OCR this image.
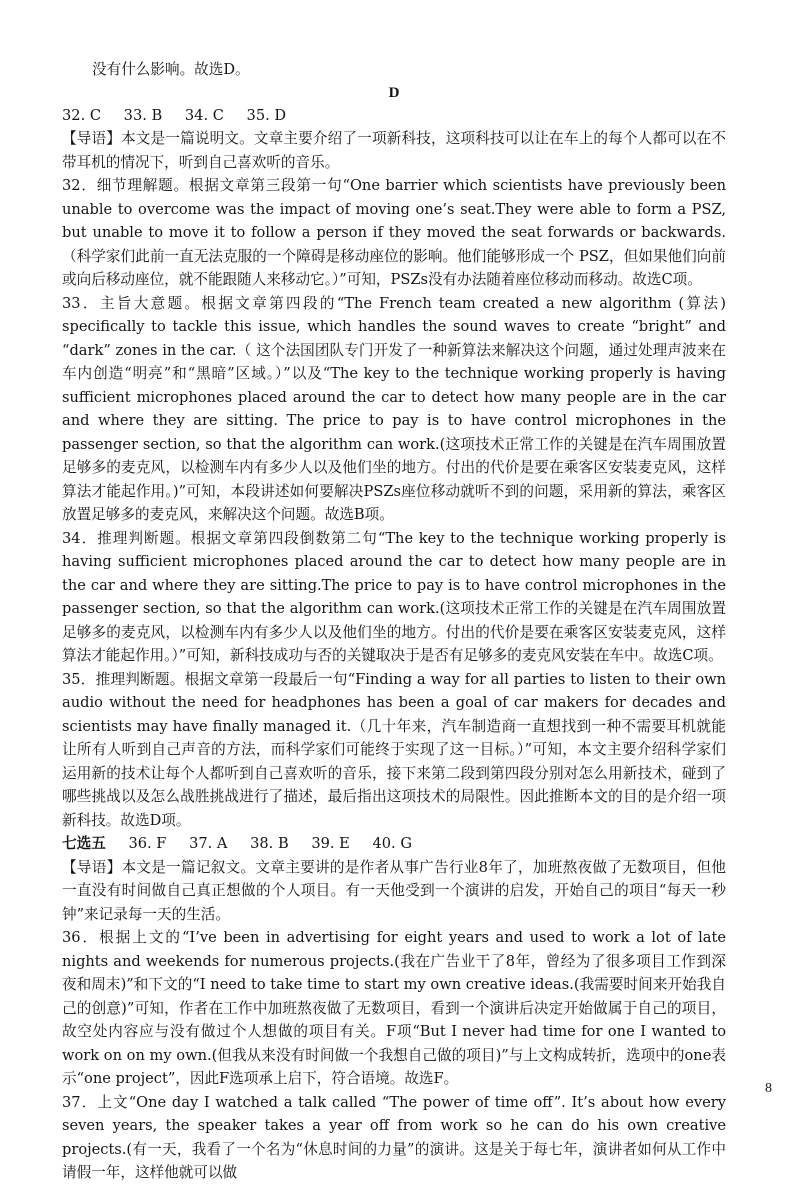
没有什么影响。故选D。

D

32. C 33. B 34. C 35. D

【导语】本文是一篇说明文。文章主要介绍了一项新科技，这项科技可以让在车上的每个人都可以在不带耳机的情况下，听到自己喜欢听的音乐。

32．细节理解题。根据文章第三段第一句“One barrier which scientists have previously been unable to overcome was the impact of moving one’s seat.They were able to form a PSZ, but unable to move it to follow a person if they moved the seat forwards or backwards.（科学家们此前一直无法克服的一个障碍是移动座位的影响。他们能够形成一个 PSZ，但如果他们向前或向后移动座位，就不能跟随人来移动它。）”可知，PSZs没有办法随着座位移动而移动。故选C项。

33．主旨大意题。根据文章第四段的“The French team created a new algorithm (算法) specifically to tackle this issue, which handles the sound waves to create “bright” and “dark” zones in the car.（ 这个法国团队专门开发了一种新算法来解决这个问题，通过处理声波来在车内创造“明亮”和“黑暗”区域。）”以及“The key to the technique working properly is having sufficient microphones placed around the car to detect how many people are in the car and where they are sitting. The price to pay is to have control microphones in the passenger section, so that the algorithm can work.(这项技术正常工作的关键是在汽车周围放置足够多的麦克风，以检测车内有多少人以及他们坐的地方。付出的代价是要在乘客区安装麦克风，这样算法才能起作用。)”可知，本段讲述如何要解决PSZs座位移动就听不到的问题，采用新的算法，乘客区放置足够多的麦克风，来解决这个问题。故选B项。

34．推理判断题。根据文章第四段倒数第二句“The key to the technique working properly is having sufficient microphones placed around the car to detect how many people are in the car and where they are sitting.The price to pay is to have control microphones in the passenger section, so that the algorithm can work.(这项技术正常工作的关键是在汽车周围放置足够多的麦克风，以检测车内有多少人以及他们坐的地方。付出的代价是要在乘客区安装麦克风，这样算法才能起作用。）”可知，新科技成功与否的关键取决于是否有足够多的麦克风安装在车中。故选C项。

35．推理判断题。根据文章第一段最后一句“Finding a way for all parties to listen to their own audio without the need for headphones has been a goal of car makers for decades and scientists may have finally managed it.（几十年来，汽车制造商一直想找到一种不需要耳机就能让所有人听到自己声音的方法，而科学家们可能终于实现了这一目标。）”可知，本文主要介绍科学家们运用新的技术让每个人都听到自己喜欢听的音乐，接下来第二段到第四段分别对怎么用新技术，碰到了哪些挑战以及怎么战胜挑战进行了描述，最后指出这项技术的局限性。因此推断本文的目的是介绍一项新科技。故选D项。

七选五 36. F 37. A 38. B 39. E 40. G

【导语】本文是一篇记叙文。文章主要讲的是作者从事广告行业8年了，加班熬夜做了无数项目，但他一直没有时间做自己真正想做的个人项目。有一天他受到一个演讲的启发，开始自己的项目“每天一秒钟”来记录每一天的生活。

36．根据上文的“I’ve been in advertising for eight years and used to work a lot of late nights and weekends for numerous projects.(我在广告业干了8年，曾经为了很多项目工作到深夜和周末)”和下文的“I need to take time to start my own creative ideas.(我需要时间来开始我自己的创意)”可知，作者在工作中加班熬夜做了无数项目，看到一个演讲后决定开始做属于自己的项目，故空处内容应与没有做过个人想做的项目有关。F项“But I never had time for one I wanted to work on on my own.(但我从来没有时间做一个我想自己做的项目)”与上文构成转折，选项中的one表示“one project”，因此F选项承上启下，符合语境。故选F。

37．上文“One day I watched a talk called “The power of time off”. It’s about how every seven years, the speaker takes a year off from work so he can do his own creative projects.(有一天，我看了一个名为“休息时间的力量”的演讲。这是关于每七年，演讲者如何从工作中请假一年，这样他就可以做

8
